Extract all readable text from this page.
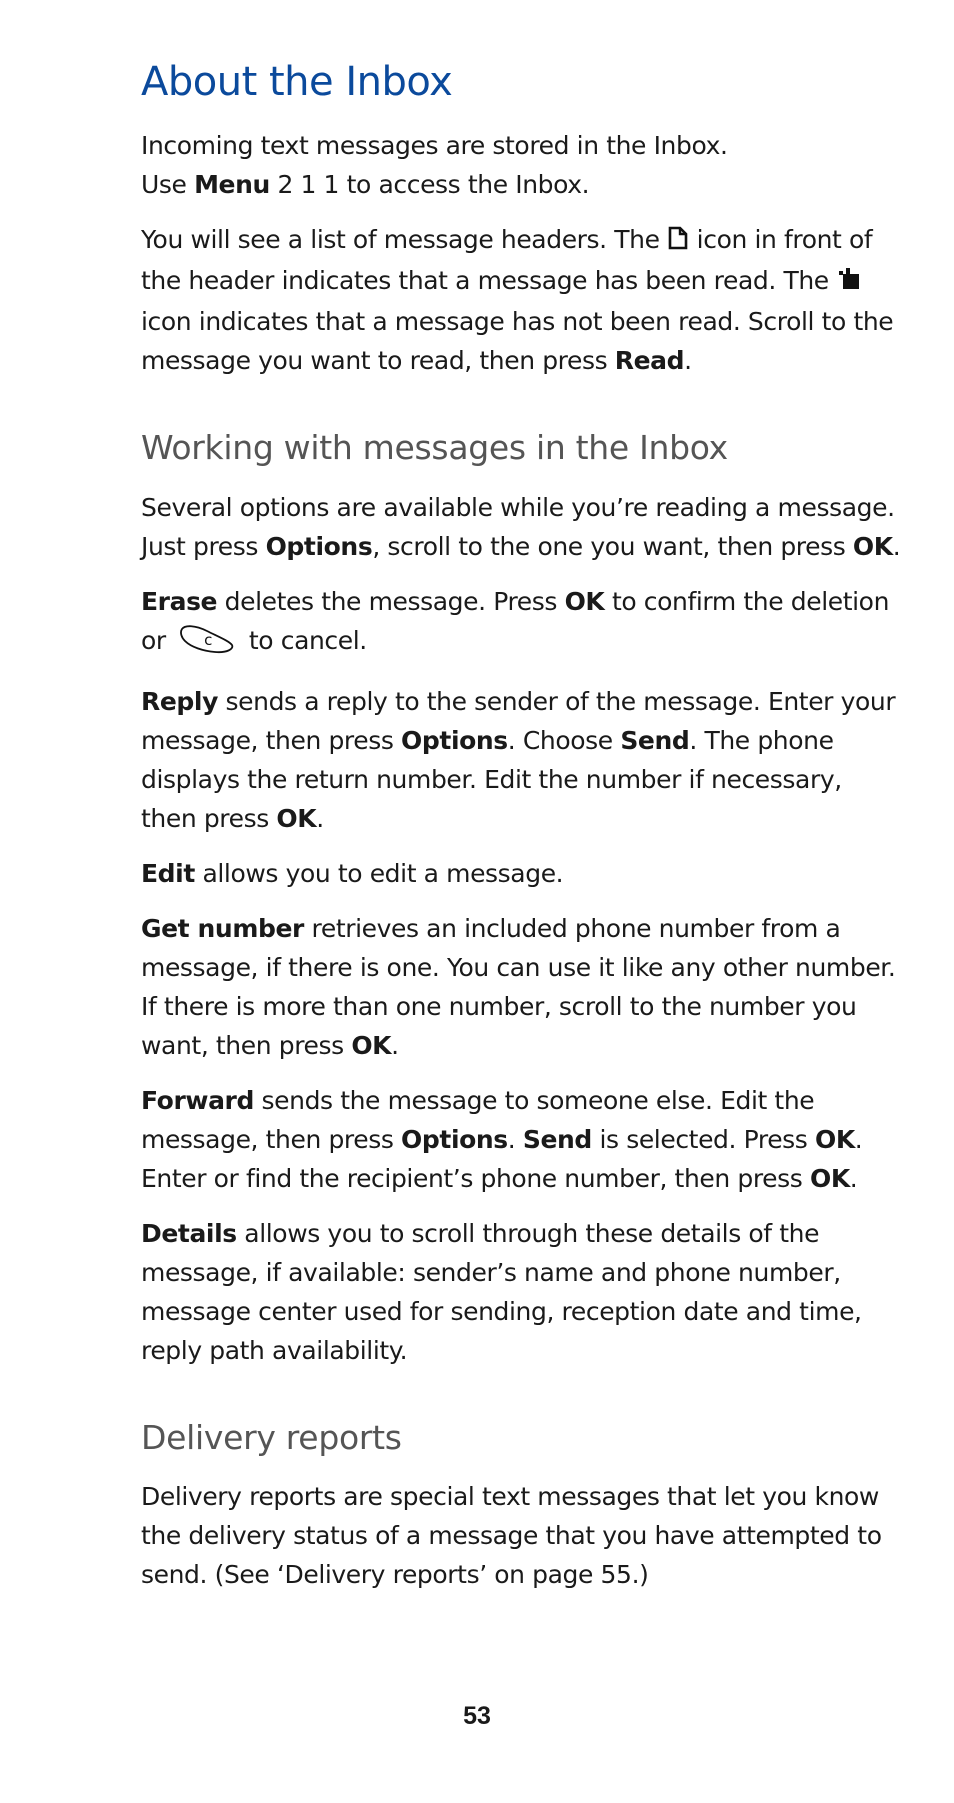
About the Inbox

Incoming text messages are stored in the Inbox.
Use Menu 2 1 1 to access the Inbox.

You will see a list of message headers. The  icon in front of the header indicates that a message has been read. The  icon indicates that a message has not been read. Scroll to the message you want to read, then press Read.

Working with messages in the Inbox

Several options are available while you’re reading a message. Just press Options, scroll to the one you want, then press OK.

Erase deletes the message. Press OK to confirm the deletion or c to cancel.

Reply sends a reply to the sender of the message. Enter your message, then press Options. Choose Send. The phone displays the return number. Edit the number if necessary, then press OK.

Edit allows you to edit a message.

Get number retrieves an included phone number from a message, if there is one. You can use it like any other number. If there is more than one number, scroll to the number you want, then press OK.

Forward sends the message to someone else. Edit the message, then press Options. Send is selected. Press OK. Enter or find the recipient’s phone number, then press OK.

Details allows you to scroll through these details of the message, if available: sender’s name and phone number, message center used for sending, reception date and time, reply path availability.

Delivery reports

Delivery reports are special text messages that let you know the delivery status of a message that you have attempted to send. (See ‘Delivery reports’ on page 55.)

53
